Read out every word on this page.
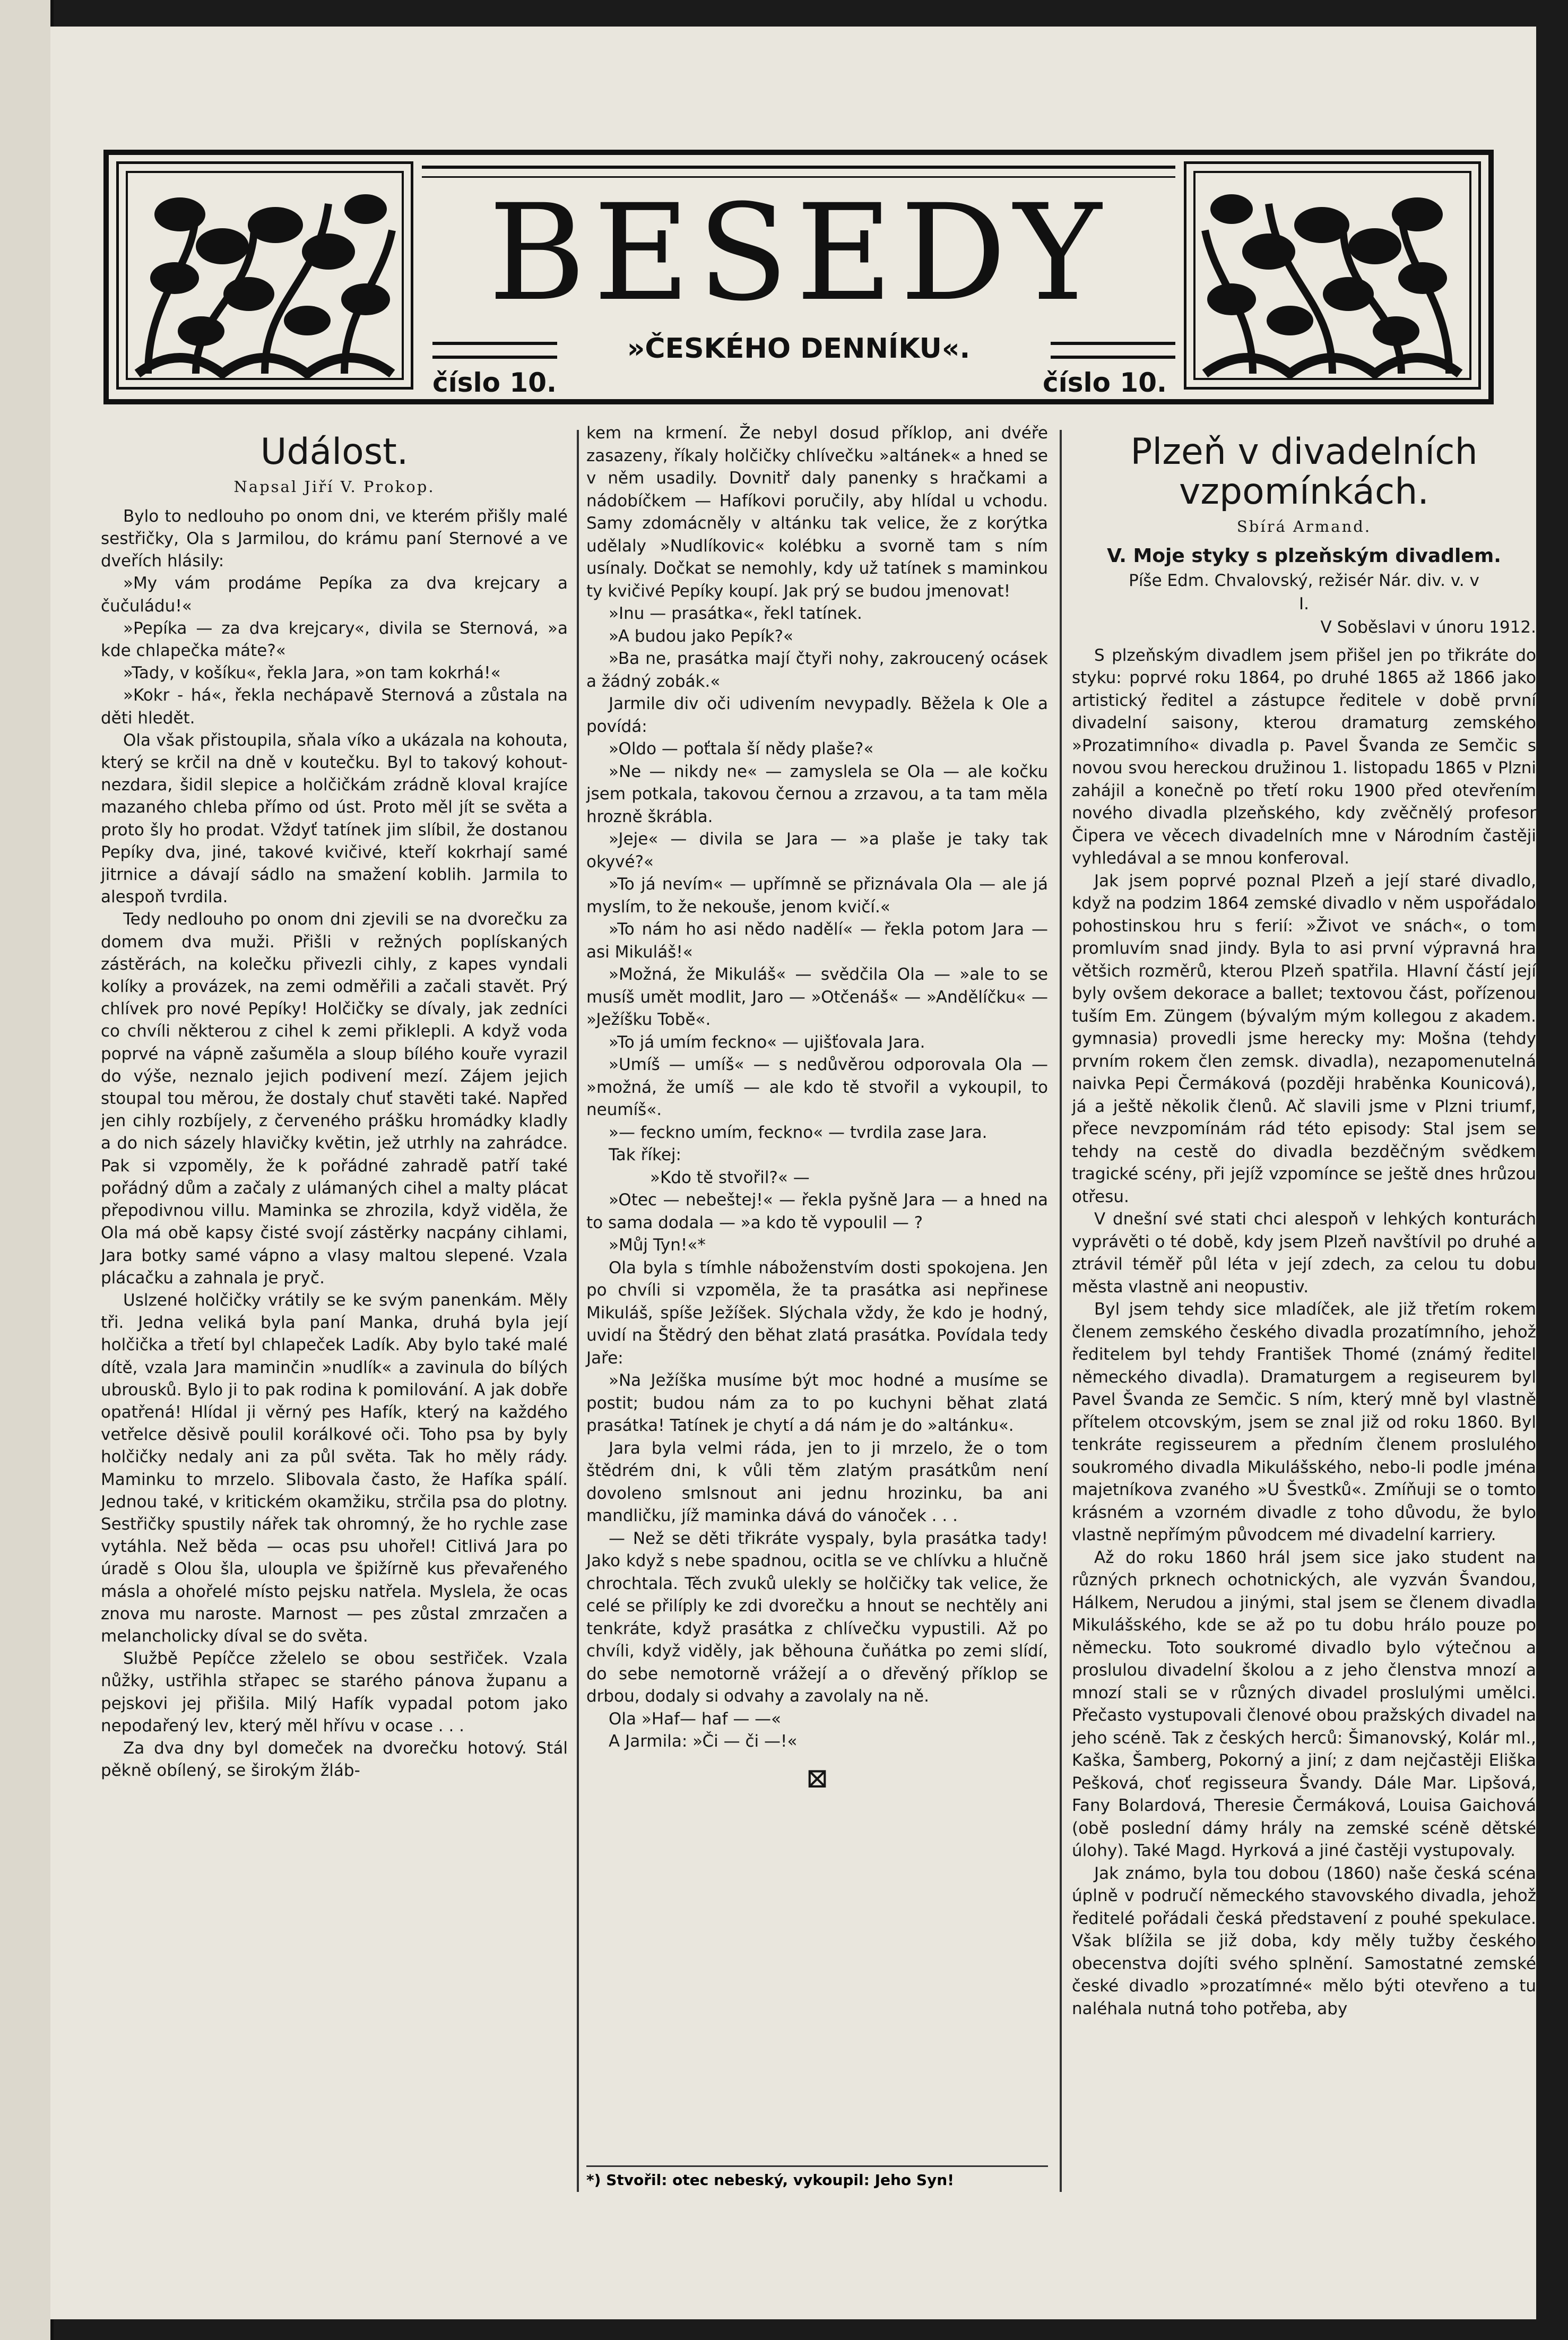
BESEDY
»ČESKÉHO DENNÍKU«.
číslo 10.	číslo 10.
Událost.
Napsal Jiří V. Prokop.

Bylo to nedlouho po onom dni, ve kterém přišly malé sestřičky, Ola s Jarmilou, do krámu paní Sternové a ve dveřích hlásily:

»My vám prodáme Pepíka za dva krejcary a čučuládu!«

»Pepíka — za dva krejcary«, divila se Sternová, »a kde chlapečka máte?«

»Tady, v košíku«, řekla Jara, »on tam kokrhá!«

»Kokr - há«, řekla nechápavě Sternová a zůstala na děti hledět.

Ola však přistoupila, sňala víko a ukázala na kohouta, který se krčil na dně v koutečku. Byl to takový kohout-nezdara, šidil slepice a holčičkám zrádně kloval krajíce mazaného chleba přímo od úst. Proto měl jít se světa a proto šly ho prodat. Vždyť tatínek jim slíbil, že dostanou Pepíky dva, jiné, takové kvičivé, kteří kokrhají samé jitrnice a dávají sádlo na smažení koblih. Jarmila to alespoň tvrdila.

Tedy nedlouho po onom dni zjevili se na dvorečku za domem dva muži. Přišli v režných poplískaných zástěrách, na kolečku přivezli cihly, z kapes vyndali kolíky a provázek, na zemi odměřili a začali stavět. Prý chlívek pro nové Pepíky! Holčičky se dívaly, jak zedníci co chvíli některou z cihel k zemi přiklepli. A když voda poprvé na vápně zašuměla a sloup bílého kouře vyrazil do výše, neznalo jejich podivení mezí. Zájem jejich stoupal tou měrou, že dostaly chuť stavěti také. Napřed jen cihly rozbíjely, z červeného prášku hromádky kladly a do nich sázely hlavičky květin, jež utrhly na zahrádce. Pak si vzpoměly, že k pořádné zahradě patří také pořádný dům a začaly z ulámaných cihel a malty plácat přepodivnou villu. Maminka se zhrozila, když viděla, že Ola má obě kapsy čisté svojí zástěrky nacpány cihlami, Jara botky samé vápno a vlasy maltou slepené. Vzala plácačku a zahnala je pryč.

Uslzené holčičky vrátily se ke svým panenkám. Měly tři. Jedna veliká byla paní Manka, druhá byla její holčička a třetí byl chlapeček Ladík. Aby bylo také malé dítě, vzala Jara maminčin »nudlík« a zavinula do bílých ubrousků. Bylo ji to pak rodina k pomilování. A jak dobře opatřená! Hlídal ji věrný pes Hafík, který na každého vetřelce děsivě poulil korálkové oči. Toho psa by byly holčičky nedaly ani za půl světa. Tak ho měly rády. Maminku to mrzelo. Slibovala často, že Hafíka spálí. Jednou také, v kritickém okamžiku, strčila psa do plotny. Sestřičky spustily nářek tak ohromný, že ho rychle zase vytáhla. Než běda — ocas psu uhořel! Citlivá Jara po úradě s Olou šla, uloupla ve špižírně kus převařeného másla a ohořelé místo pejsku natřela. Myslela, že ocas znova mu naroste. Marnost — pes zůstal zmrzačen a melancholicky díval se do světa.

Službě Pepíčce zželelo se obou sestřiček. Vzala nůžky, ustřihla střapec se starého pánova županu a pejskovi jej přišila. Milý Hafík vypadal potom jako nepodařený lev, který měl hřívu v ocase . . .

Za dva dny byl domeček na dvorečku hotový. Stál pěkně obílený, se širokým žláb-

kem na krmení. Že nebyl dosud příklop, ani dvéře zasazeny, říkaly holčičky chlívečku »altánek« a hned se v něm usadily. Dovnitř daly panenky s hračkami a nádobíčkem — Hafíkovi poručily, aby hlídal u vchodu. Samy zdomácněly v altánku tak velice, že z korýtka udělaly »Nudlíkovic« kolébku a svorně tam s ním usínaly. Dočkat se nemohly, kdy už tatínek s maminkou ty kvičivé Pepíky koupí. Jak prý se budou jmenovat!

»Inu — prasátka«, řekl tatínek.

»A budou jako Pepík?«

»Ba ne, prasátka mají čtyři nohy, zakroucený ocásek a žádný zobák.«

Jarmile div oči udivením nevypadly. Běžela k Ole a povídá:

»Oldo — poťtala ší nědy plaše?«

»Ne — nikdy ne« — zamyslela se Ola — ale kočku jsem potkala, takovou černou a zrzavou, a ta tam měla hrozně škrábla.

»Jeje« — divila se Jara — »a plaše je taky tak okyvé?«

»To já nevím« — upřímně se přiznávala Ola — ale já myslím, to že nekouše, jenom kvičí.«

»To nám ho asi nědo nadělí« — řekla potom Jara — asi Mikuláš!«

»Možná, že Mikuláš« — svědčila Ola — »ale to se musíš umět modlit, Jaro — »Otčenáš« — »Andělíčku« — »Ježíšku Tobě«.

»To já umím feckno« — ujišťovala Jara.

»Umíš — umíš« — s nedůvěrou odporovala Ola — »možná, že umíš — ale kdo tě stvořil a vykoupil, to neumíš«.

»— feckno umím, feckno« — tvrdila zase Jara.

Tak říkej:

»Kdo tě stvořil?« —

»Otec — nebeštej!« — řekla pyšně Jara — a hned na to sama dodala — »a kdo tě vypoulil — ?

»Můj Tyn!«*

Ola byla s tímhle náboženstvím dosti spokojena. Jen po chvíli si vzpoměla, že ta prasátka asi nepřinese Mikuláš, spíše Ježíšek. Slýchala vždy, že kdo je hodný, uvidí na Štědrý den běhat zlatá prasátka. Povídala tedy Jaře:

»Na Ježíška musíme být moc hodné a musíme se postit; budou nám za to po kuchyni běhat zlatá prasátka! Tatínek je chytí a dá nám je do »altánku«.

Jara byla velmi ráda, jen to ji mrzelo, že o tom štědrém dni, k vůli těm zlatým prasátkům není dovoleno smlsnout ani jednu hrozinku, ba ani mandličku, jíž maminka dává do vánoček . . .

— Než se děti třikráte vyspaly, byla prasátka tady! Jako když s nebe spadnou, ocitla se ve chlívku a hlučně chrochtala. Těch zvuků ulekly se holčičky tak velice, že celé se přilíply ke zdi dvorečku a hnout se nechtěly ani tenkráte, když prasátka z chlívečku vypustili. Až po chvíli, když viděly, jak běhouna čuňátka po zemi slídí, do sebe nemotorně vrážejí a o dřevěný příklop se drbou, dodaly si odvahy a zavolaly na ně.

Ola »Haf— haf — —«

A Jarmila: »Či — či —!«

⊠
*) Stvořil: otec nebeský, vykoupil: Jeho Syn!
Plzeň v divadelních vzpomínkách.
Sbírá Armand.
V. Moje styky s plzeňským divadlem.
Píše Edm. Chvalovský, režisér Nár. div. v. v
I.
V Soběslavi v únoru 1912.

S plzeňským divadlem jsem přišel jen po třikráte do styku: poprvé roku 1864, po druhé 1865 až 1866 jako artistický ředitel a zástupce ředitele v době první divadelní saisony, kterou dramaturg zemského »Prozatimního« divadla p. Pavel Švanda ze Semčic s novou svou hereckou družinou 1. listopadu 1865 v Plzni zahájil a konečně po třetí roku 1900 před otevřením nového divadla plzeňského, kdy zvěčnělý profesor Čipera ve věcech divadelních mne v Národním častěji vyhledával a se mnou konferoval.

Jak jsem poprvé poznal Plzeň a její staré divadlo, když na podzim 1864 zemské divadlo v něm uspořádalo pohostinskou hru s ferií: »Život ve snách«, o tom promluvím snad jindy. Byla to asi první výpravná hra většich rozměrů, kterou Plzeň spatřila. Hlavní částí její byly ovšem dekorace a ballet; textovou část, pořízenou tuším Em. Züngem (bývalým mým kollegou z akadem. gymnasia) provedli jsme herecky my: Mošna (tehdy prvním rokem člen zemsk. divadla), nezapomenutelná naivka Pepi Čermáková (později hraběnka Kounicová), já a ještě několik členů. Ač slavili jsme v Plzni triumf, přece nevzpomínám rád této episody: Stal jsem se tehdy na cestě do divadla bezděčným svědkem tragické scény, při jejíž vzpomínce se ještě dnes hrůzou otřesu.

V dnešní své stati chci alespoň v lehkých konturách vyprávěti o té době, kdy jsem Plzeň navštívil po druhé a ztrávil téměř půl léta v její zdech, za celou tu dobu města vlastně ani neopustiv.

Byl jsem tehdy sice mladíček, ale již třetím rokem členem zemského českého divadla prozatímního, jehož ředitelem byl tehdy František Thomé (známý ředitel německého divadla). Dramaturgem a regiseurem byl Pavel Švanda ze Semčic. S ním, který mně byl vlastně přítelem otcovským, jsem se znal již od roku 1860. Byl tenkráte regisseurem a předním členem proslulého soukromého divadla Mikulášského, nebo-li podle jména majetníkova zvaného »U Švestků«. Zmíňuji se o tomto krásném a vzorném divadle z toho důvodu, že bylo vlastně nepřímým původcem mé divadelní karriery.

Až do roku 1860 hrál jsem sice jako student na různých prknech ochotnických, ale vyzván Švandou, Hálkem, Nerudou a jinými, stal jsem se členem divadla Mikulášského, kde se až po tu dobu hrálo pouze po německu. Toto soukromé divadlo bylo výtečnou a proslulou divadelní školou a z jeho členstva mnozí a mnozí stali se v různých divadel proslulými umělci. Přečasto vystupovali členové obou pražských divadel na jeho scéně. Tak z českých herců: Šimanovský, Kolár ml., Kaška, Šamberg, Pokorný a jiní; z dam nejčastěji Eliška Pešková, choť regisseura Švandy. Dále Mar. Lipšová, Fany Bolardová, Theresie Čermáková, Louisa Gaichová (obě poslední dámy hrály na zemské scéně dětské úlohy). Také Magd. Hyrková a jiné častěji vystupovaly.

Jak známo, byla tou dobou (1860) naše česká scéna úplně v područí německého stavovského divadla, jehož ředitelé pořádali česká představení z pouhé spekulace. Však blížila se již doba, kdy měly tužby českého obecenstva dojíti svého splnění. Samostatné zemské české divadlo »prozatímné« mělo býti otevřeno a tu naléhala nutná toho potřeba, aby
